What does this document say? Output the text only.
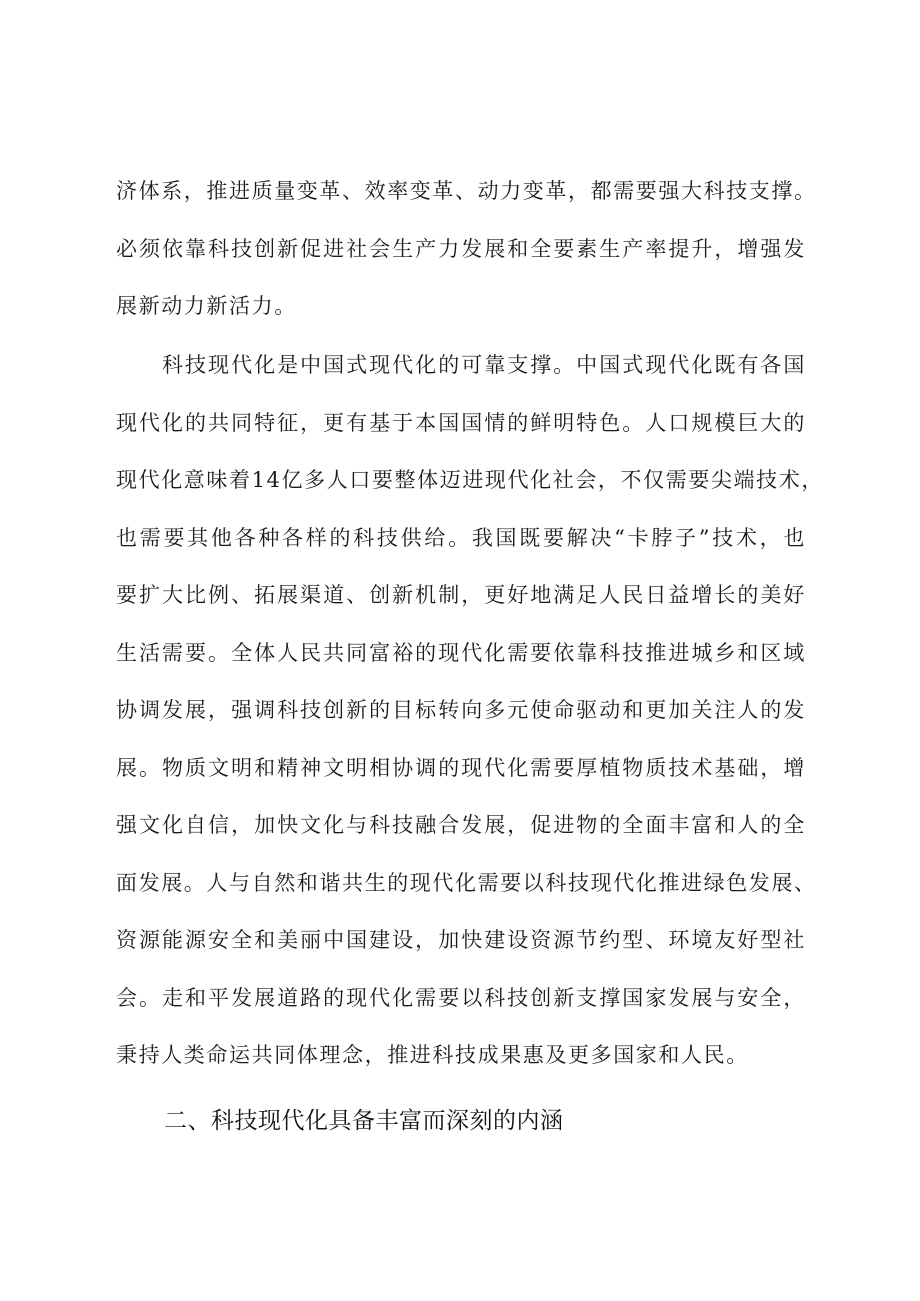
济体系，推进质量变革、效率变革、动力变革，都需要强大科技支撑。
必须依靠科技创新促进社会生产力发展和全要素生产率提升，增强发
展新动力新活力。
　　科技现代化是中国式现代化的可靠支撑。中国式现代化既有各国
现代化的共同特征，更有基于本国国情的鲜明特色。人口规模巨大的
现代化意味着14亿多人口要整体迈进现代化社会，不仅需要尖端技术，
也需要其他各种各样的科技供给。我国既要解决“卡脖子”技术，也
要扩大比例、拓展渠道、创新机制，更好地满足人民日益增长的美好
生活需要。全体人民共同富裕的现代化需要依靠科技推进城乡和区域
协调发展，强调科技创新的目标转向多元使命驱动和更加关注人的发
展。物质文明和精神文明相协调的现代化需要厚植物质技术基础，增
强文化自信，加快文化与科技融合发展，促进物的全面丰富和人的全
面发展。人与自然和谐共生的现代化需要以科技现代化推进绿色发展、
资源能源安全和美丽中国建设，加快建设资源节约型、环境友好型社
会。走和平发展道路的现代化需要以科技创新支撑国家发展与安全，
秉持人类命运共同体理念，推进科技成果惠及更多国家和人民。
二、科技现代化具备丰富而深刻的内涵
